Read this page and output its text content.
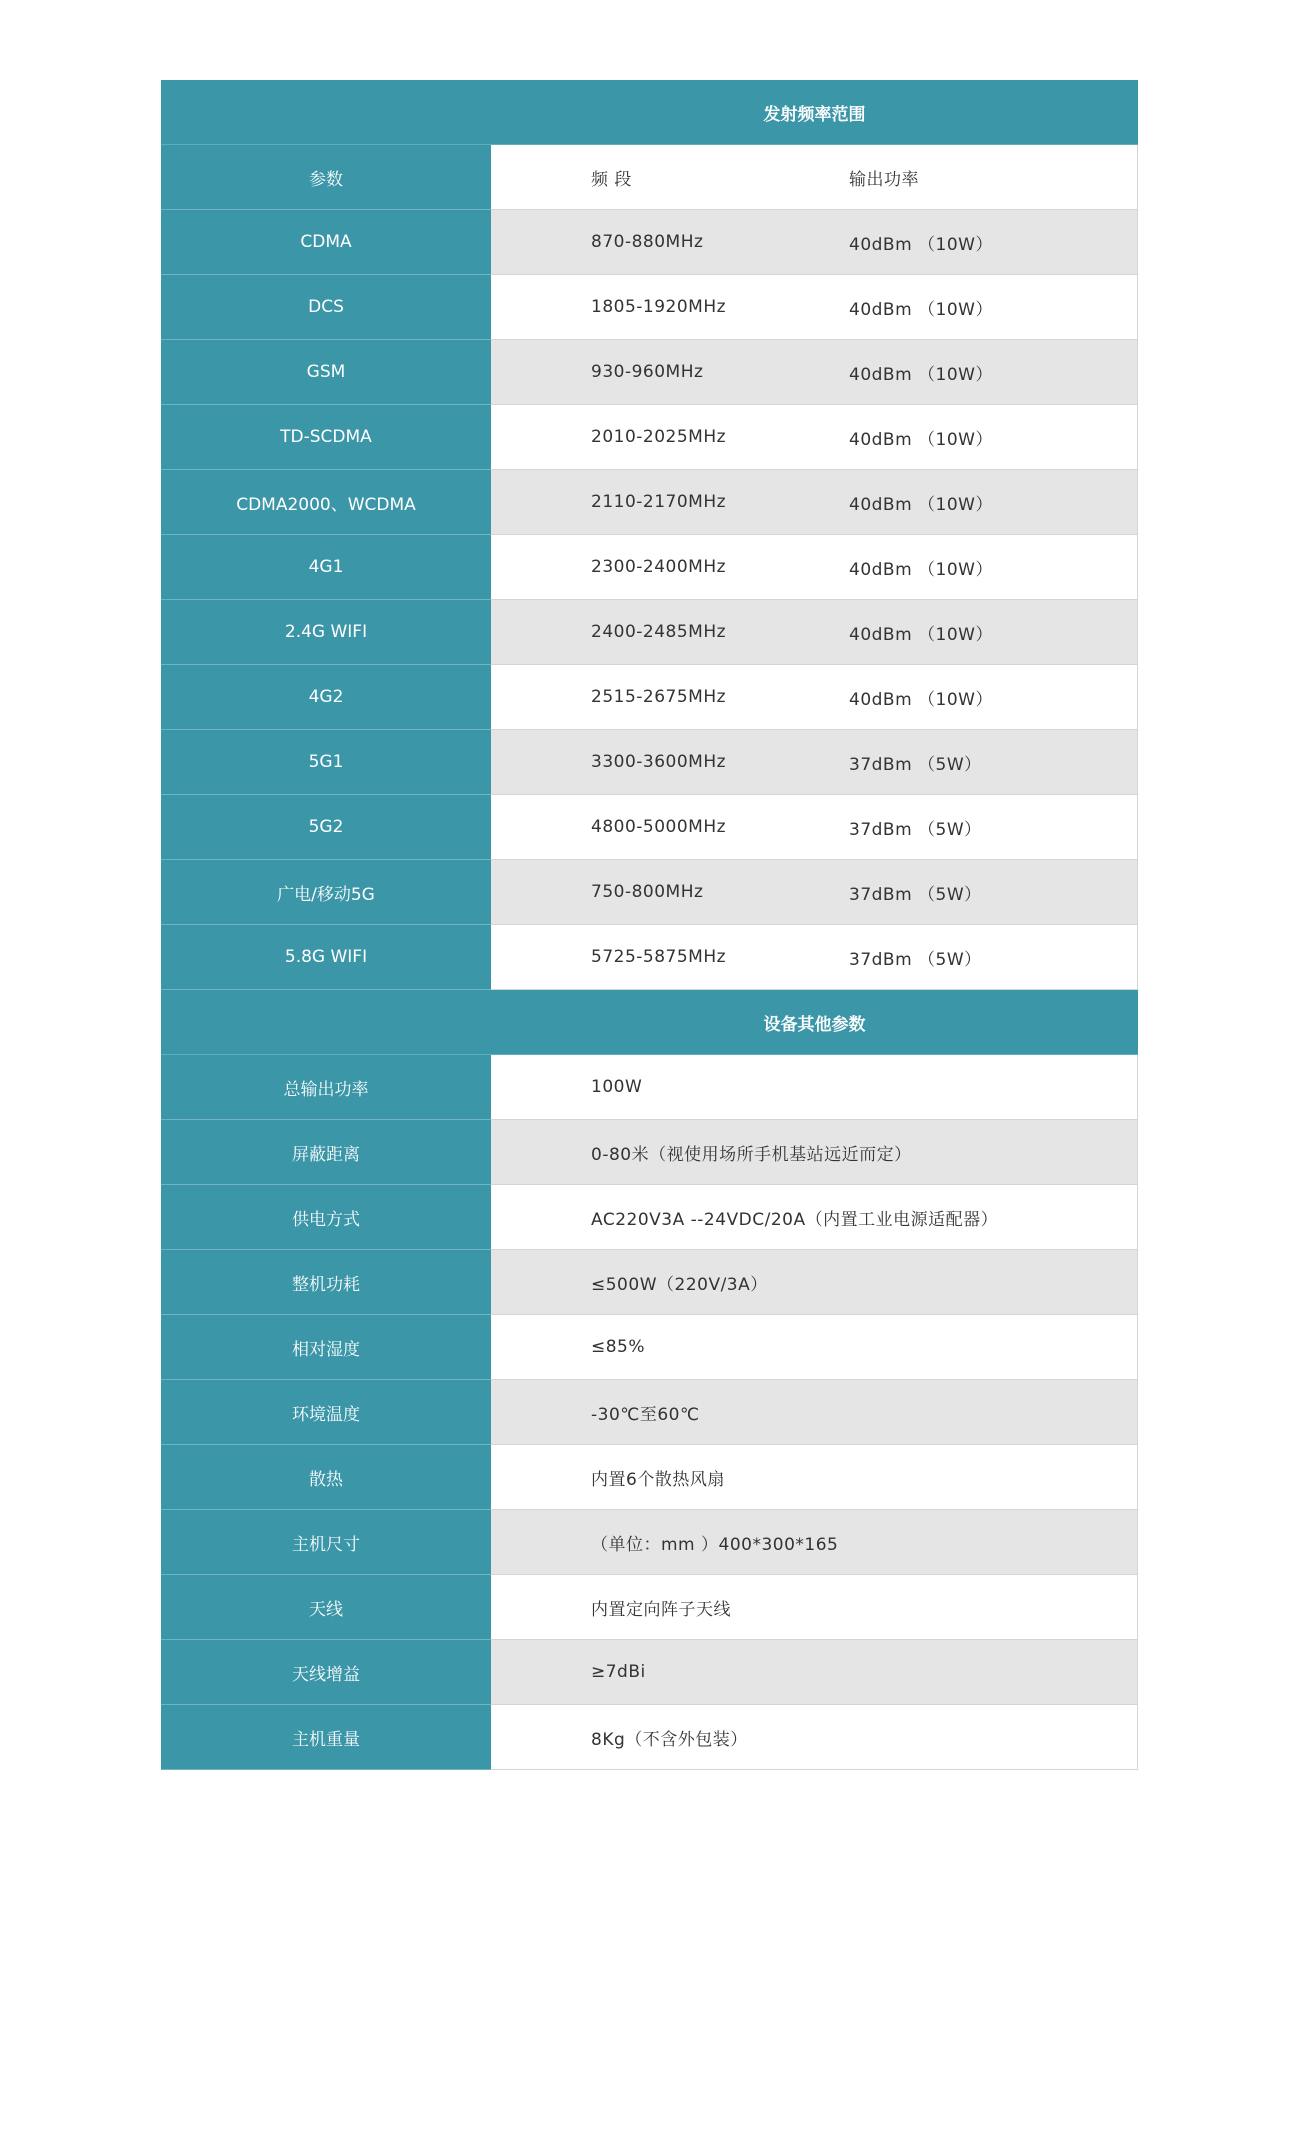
发射频率范围
参数	频 段	输出功率
CDMA	870-880MHz	40dBm （10W）
DCS	1805-1920MHz	40dBm （10W）
GSM	930-960MHz	40dBm （10W）
TD-SCDMA	2010-2025MHz	40dBm （10W）
CDMA2000、WCDMA	2110-2170MHz	40dBm （10W）
4G1	2300-2400MHz	40dBm （10W）
2.4G WIFI	2400-2485MHz	40dBm （10W）
4G2	2515-2675MHz	40dBm （10W）
5G1	3300-3600MHz	37dBm （5W）
5G2	4800-5000MHz	37dBm （5W）
广电/移动5G	750-800MHz	37dBm （5W）
5.8G WIFI	5725-5875MHz	37dBm （5W）
设备其他参数
总输出功率	100W
屏蔽距离	0-80米（视使用场所手机基站远近而定）
供电方式	AC220V3A --24VDC/20A（内置工业电源适配器）
整机功耗	≤500W（220V/3A）
相对湿度	≤85%
环境温度	-30℃至60℃
散热	内置6个散热风扇
主机尺寸	（单位：mm ）400*300*165
天线	内置定向阵子天线
天线增益	≥7dBi
主机重量	8Kg（不含外包装）
